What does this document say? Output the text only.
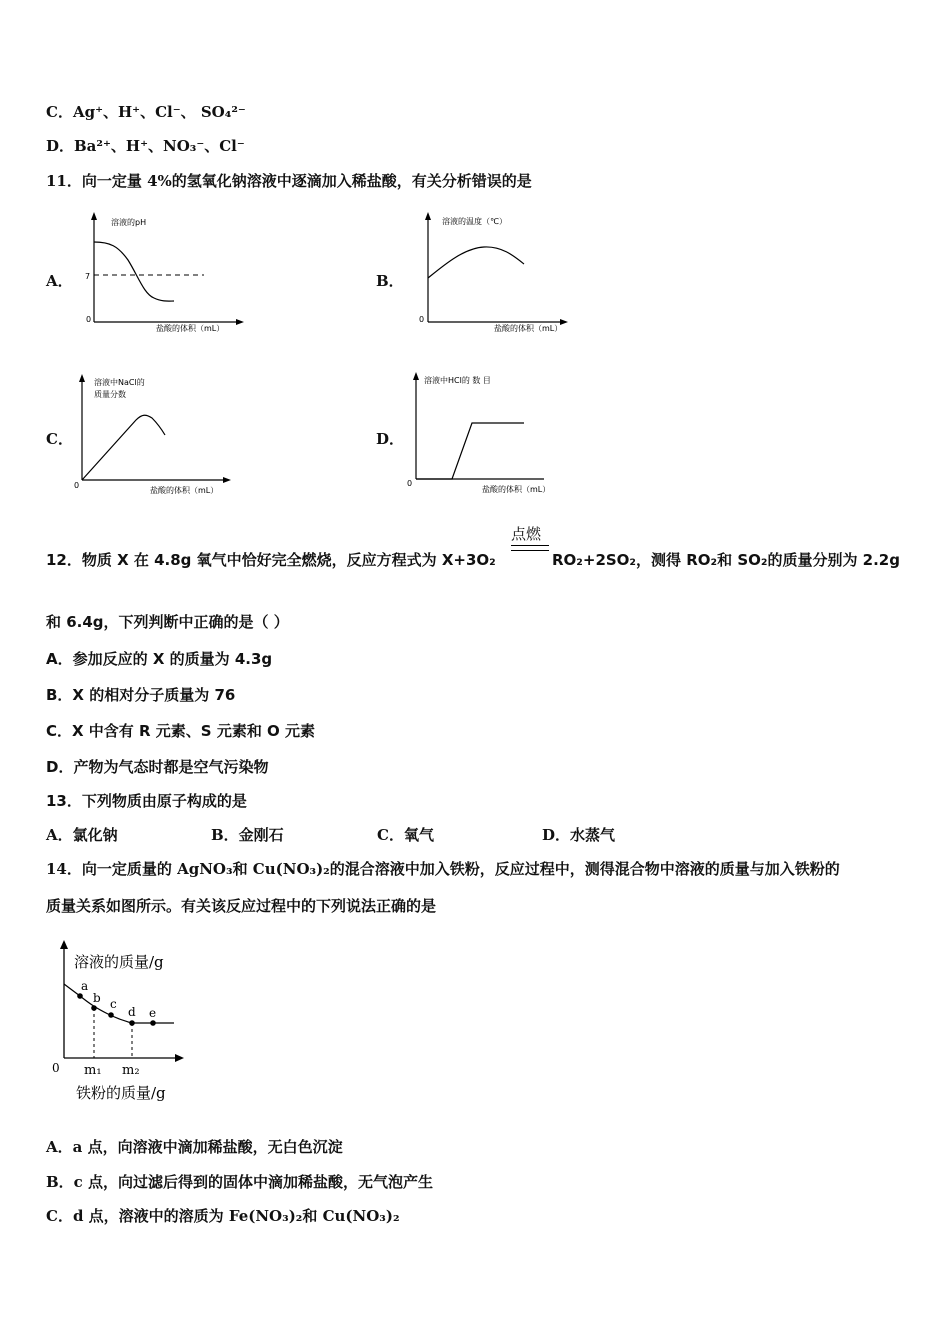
C．Ag⁺、H⁺、Cl⁻、 SO₄²⁻
D．Ba²⁺、H⁺、NO₃⁻、Cl⁻
11．向一定量 4%的氢氧化钠溶液中逐滴加入稀盐酸，有关分析错误的是
A．
溶液的pH
7
0
盐酸的体积（mL）
B．
溶液的温度（℃）
0
盐酸的体积（mL）
C．
溶液中NaCl的
质量分数
0
盐酸的体积（mL）
D．
溶液中HCl的 数 目
0
盐酸的体积（mL）
12．物质 X 在 4.8g 氧气中恰好完全燃烧，反应方程式为 X+3O₂
点燃
RO₂+2SO₂，测得 RO₂和 SO₂的质量分别为 2.2g
和 6.4g，下列判断中正确的是（ ）
A．参加反应的 X 的质量为 4.3g
B．X 的相对分子质量为 76
C．X 中含有 R 元素、S 元素和 O 元素
D．产物为气态时都是空气污染物
13．下列物质由原子构成的是
A．氯化钠	B．金刚石	C．氧气	D．水蒸气
14．向一定质量的 AgNO₃和 Cu(NO₃)₂的混合溶液中加入铁粉，反应过程中，测得混合物中溶液的质量与加入铁粉的
质量关系如图所示。有关该反应过程中的下列说法正确的是
溶液的质量/g
a
b c
d e
0 m₁ m₂
铁粉的质量/g
A．a 点，向溶液中滴加稀盐酸，无白色沉淀
B．c 点，向过滤后得到的固体中滴加稀盐酸，无气泡产生
C．d 点，溶液中的溶质为 Fe(NO₃)₂和 Cu(NO₃)₂
